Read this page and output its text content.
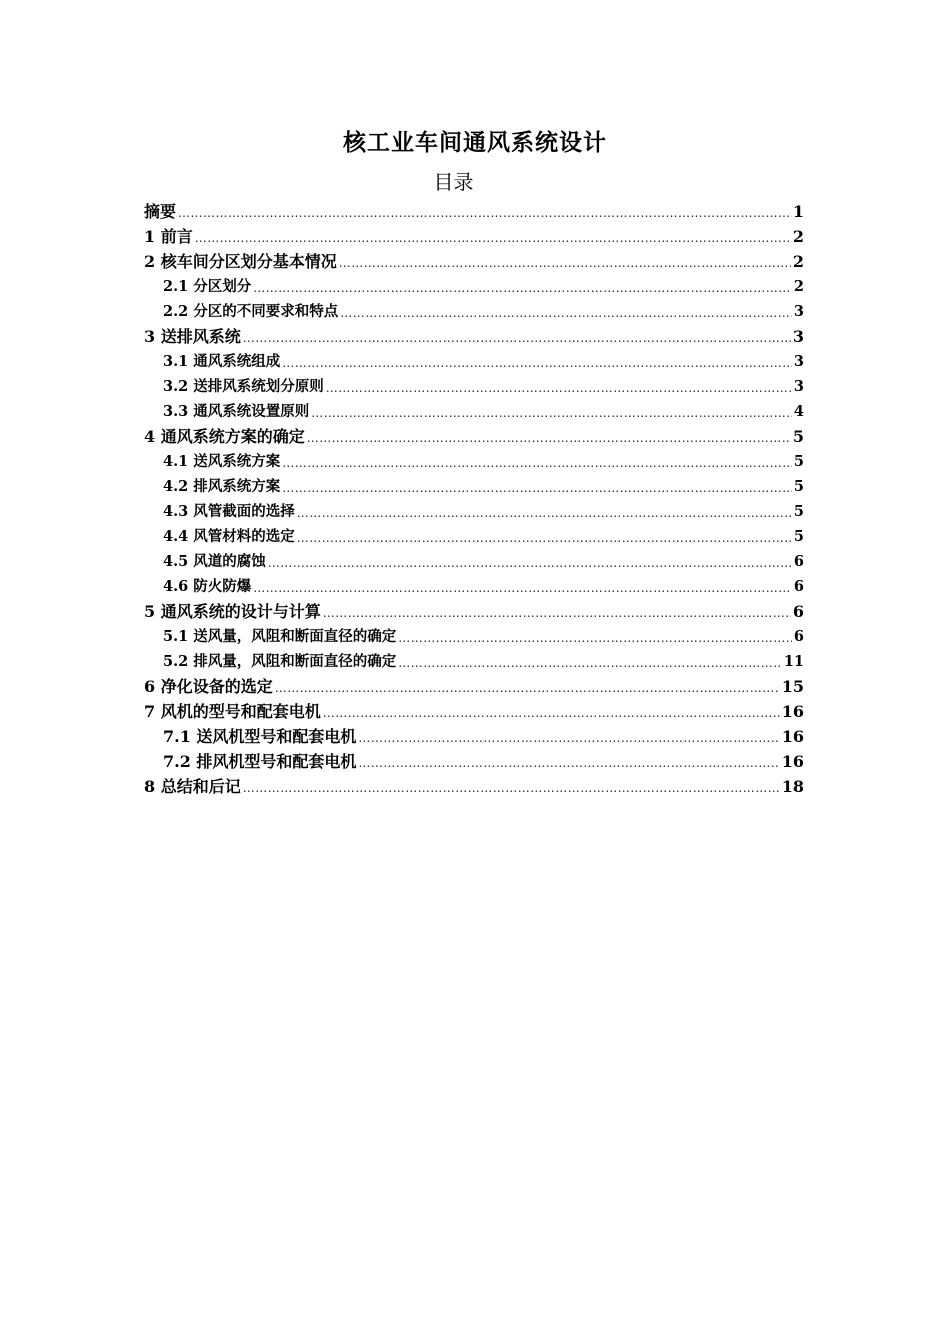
核工业车间通风系统设计
目录
摘要 ……………………………………………………………………………………………………………………………………………………………………………………………………………………	1
1 前言 ……………………………………………………………………………………………………………………………………………………………………………………………………………………	2
2 核车间分区划分基本情况 ……………………………………………………………………………………………………………………………………………………………………………………………………………………	2
2.1 分区划分 ……………………………………………………………………………………………………………………………………………………………………………………………………………………	2
2.2 分区的不同要求和特点 ……………………………………………………………………………………………………………………………………………………………………………………………………………………	3
3 送排风系统 ……………………………………………………………………………………………………………………………………………………………………………………………………………………	3
3.1 通风系统组成 ……………………………………………………………………………………………………………………………………………………………………………………………………………………	3
3.2 送排风系统划分原则 ……………………………………………………………………………………………………………………………………………………………………………………………………………………	3
3.3 通风系统设置原则 ……………………………………………………………………………………………………………………………………………………………………………………………………………………	4
4 通风系统方案的确定 ……………………………………………………………………………………………………………………………………………………………………………………………………………………	5
4.1 送风系统方案 ……………………………………………………………………………………………………………………………………………………………………………………………………………………	5
4.2 排风系统方案 ……………………………………………………………………………………………………………………………………………………………………………………………………………………	5
4.3 风管截面的选择 ……………………………………………………………………………………………………………………………………………………………………………………………………………………	5
4.4 风管材料的选定 ……………………………………………………………………………………………………………………………………………………………………………………………………………………	5
4.5 风道的腐蚀 ……………………………………………………………………………………………………………………………………………………………………………………………………………………	6
4.6 防火防爆 ……………………………………………………………………………………………………………………………………………………………………………………………………………………	6
5 通风系统的设计与计算 ……………………………………………………………………………………………………………………………………………………………………………………………………………………	6
5.1 送风量，风阻和断面直径的确定 ……………………………………………………………………………………………………………………………………………………………………………………………………………………	6
5.2 排风量，风阻和断面直径的确定 ……………………………………………………………………………………………………………………………………………………………………………………………………………………	11
6 净化设备的选定 ……………………………………………………………………………………………………………………………………………………………………………………………………………………	15
7 风机的型号和配套电机 ……………………………………………………………………………………………………………………………………………………………………………………………………………………	16
7.1 送风机型号和配套电机 ……………………………………………………………………………………………………………………………………………………………………………………………………………………	16
7.2 排风机型号和配套电机 ……………………………………………………………………………………………………………………………………………………………………………………………………………………	16
8 总结和后记 ……………………………………………………………………………………………………………………………………………………………………………………………………………………	18
